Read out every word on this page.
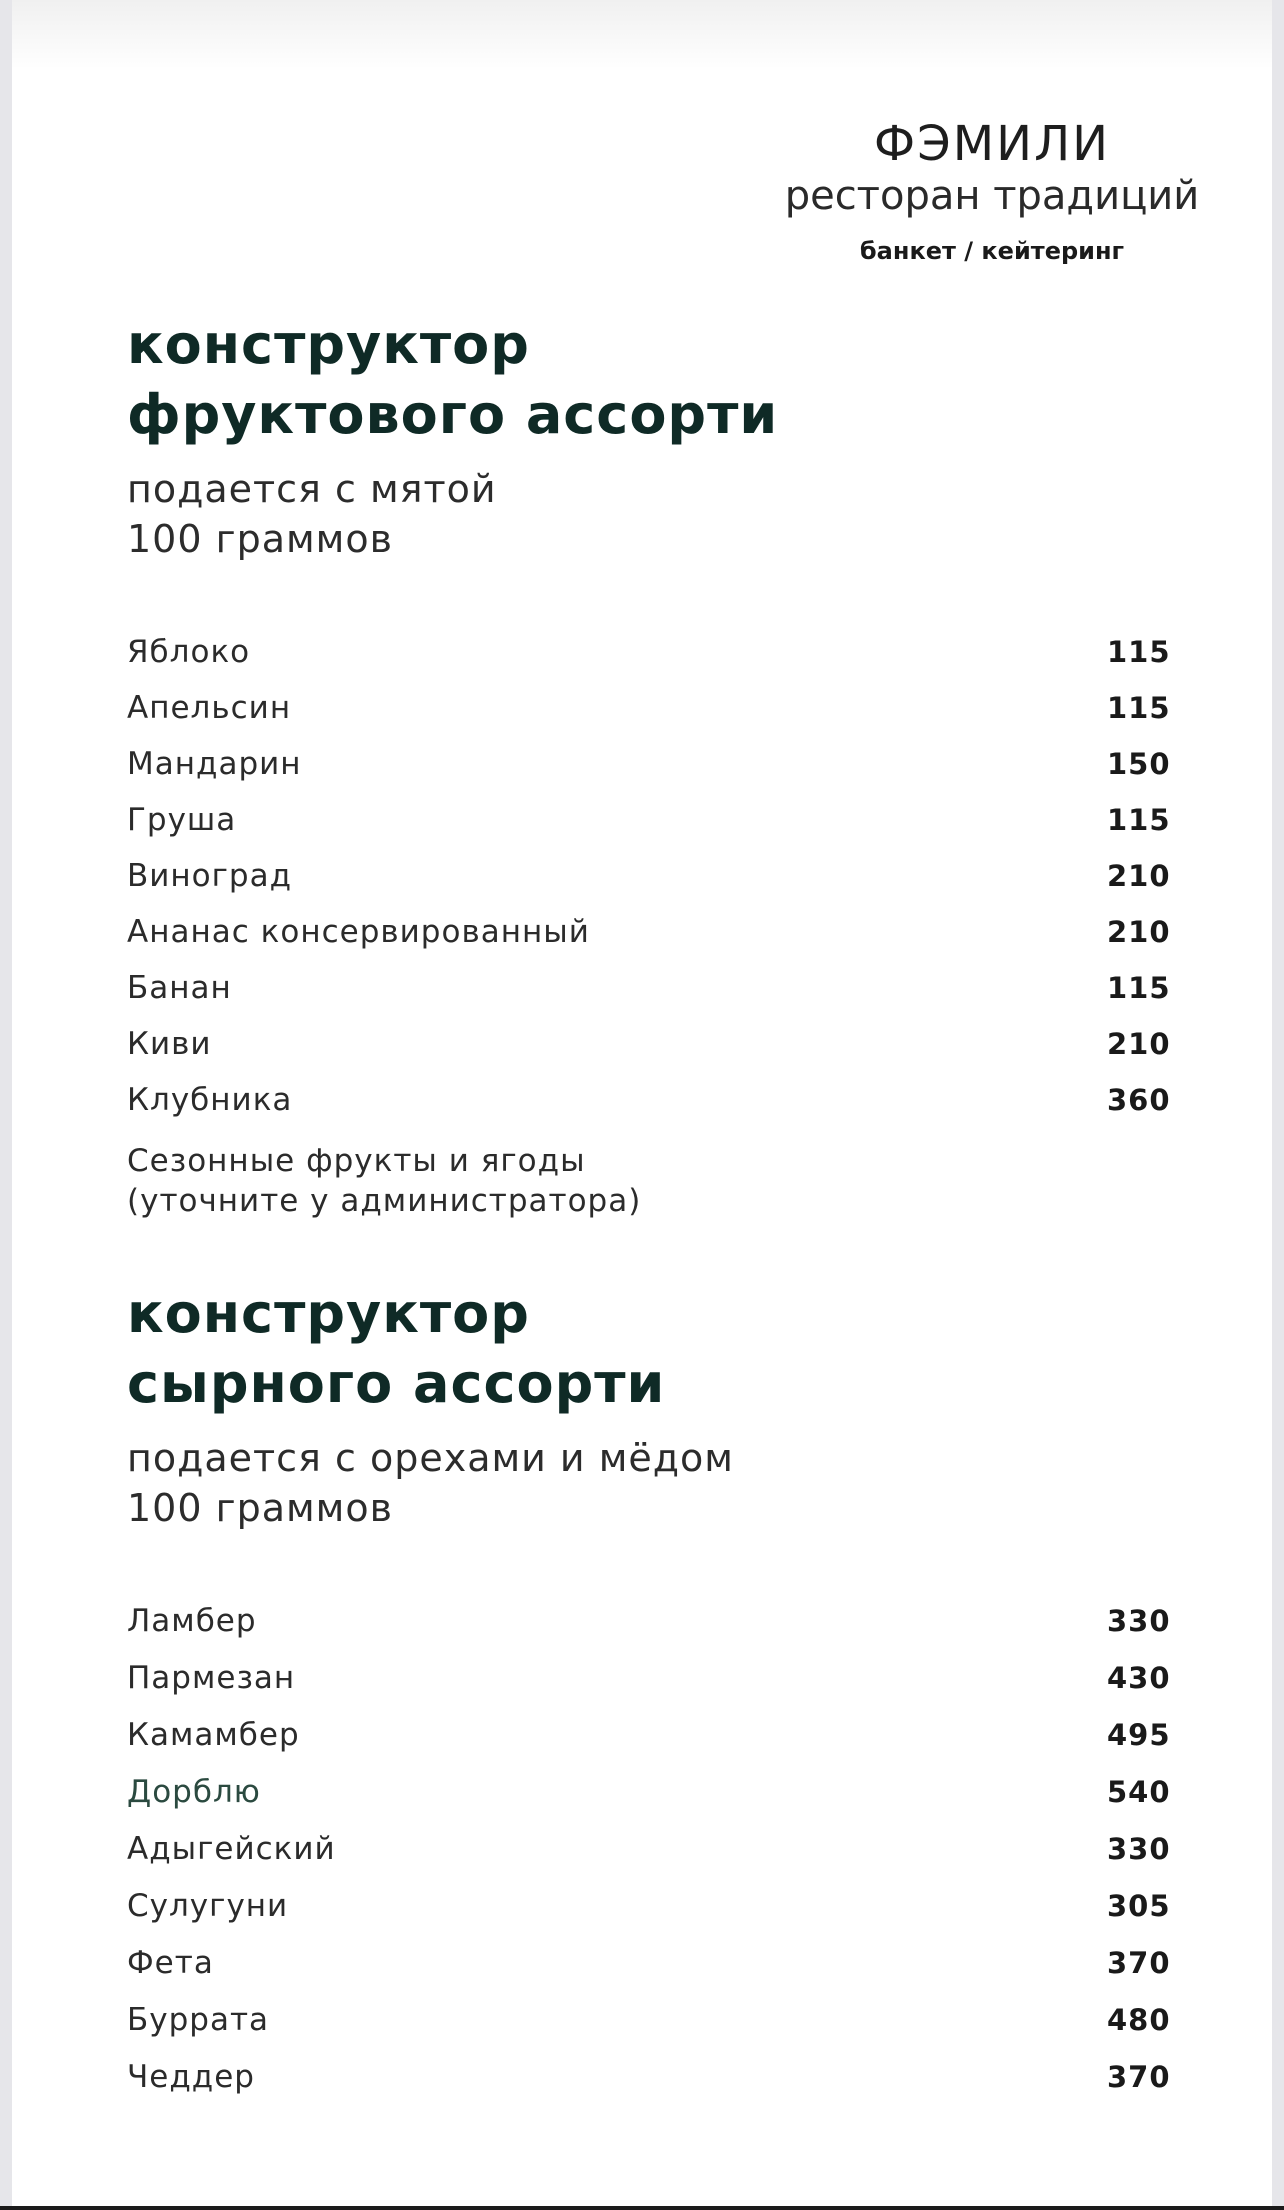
ФЭМИЛИ
ресторан традиций
банкет / кейтеринг
конструктор
фруктового ассорти
подается с мятой
100 граммов
Яблоко	115
Апельсин	115
Мандарин	150
Груша	115
Виноград	210
Ананас консервированный	210
Банан	115
Киви	210
Клубника	360
Сезонные фрукты и ягоды
(уточните у администратора)
конструктор
сырного ассорти
подается с орехами и мёдом
100 граммов
Ламбер	330
Пармезан	430
Камамбер	495
Дорблю	540
Адыгейский	330
Сулугуни	305
Фета	370
Буррата	480
Чеддер	370
